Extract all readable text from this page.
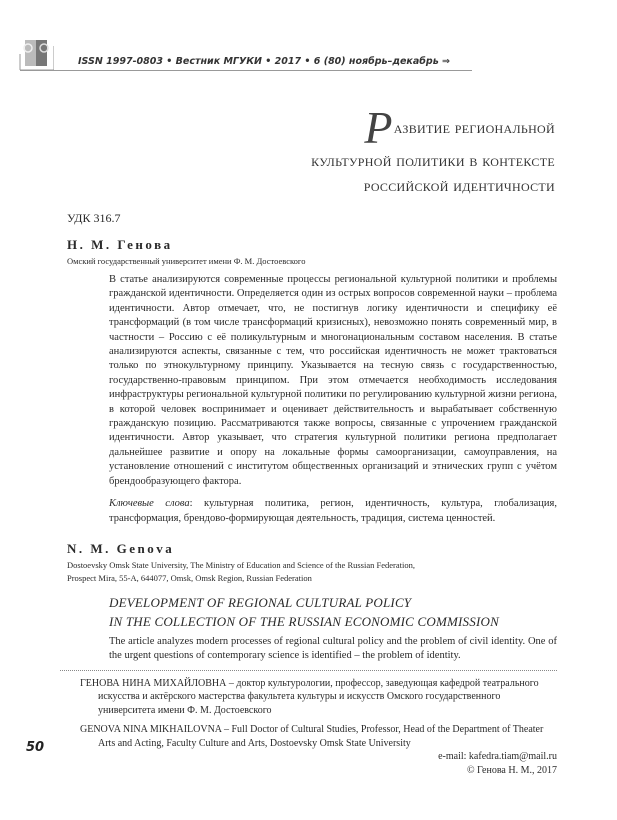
ISSN 1997-0803 • Вестник МГУКИ • 2017 • 6 (80) ноябрь–декабрь ⇒
Развитие региональной
культурной политики в контексте
российской идентичности
УДК 316.7
Н. М. Генова
Омский государственный университет имени Ф. М. Достоевского
В статье анализируются современные процессы региональной культурной политики и проблемы гражданской идентичности. Определяется один из острых вопросов современной науки – проблема идентичности. Автор отмечает, что, не постигнув логику идентичности и специфику её трансформаций (в том числе трансформаций кризисных), невозможно понять современный мир, в частности – Россию с её поликультурным и многонациональным составом населения. В статье анализируются аспекты, связанные с тем, что российская идентичность не может трактоваться только по этнокультурному принципу. Указывается на тесную связь с государственностью, государственно-правовым принципом. При этом отмечается необходимость исследования инфраструктуры региональной культурной политики по регулированию культурной жизни региона, в которой человек воспринимает и оценивает действительность и вырабатывает собственную гражданскую позицию. Рассматриваются также вопросы, связанные с упрочением гражданской идентичности. Автор указывает, что стратегия культурной политики региона предполагает дальнейшее развитие и опору на локальные формы самоорганизации, самоуправления, на установление отношений с институтом общественных организаций и этнических групп с учётом брендообразующего фактора.
Ключевые слова: культурная политика, регион, идентичность, культура, глобализация, трансформация, брендово-формирующая деятельность, традиция, система ценностей.
N. M. Genova
Dostoevsky Omsk State University, The Ministry of Education and Science of the Russian Federation,
Prospect Mira, 55-A, 644077, Omsk, Omsk Region, Russian Federation
DEVELOPMENT OF REGIONAL CULTURAL POLICY
IN THE COLLECTION OF THE RUSSIAN ECONOMIC COMMISSION
The article analyzes modern processes of regional cultural policy and the problem of civil identity. One of the urgent questions of contemporary science is identified – the problem of identity.
ГЕНОВА НИНА МИХАЙЛОВНА – доктор культурологии, профессор, заведующая кафедрой театрального искусства и актёрского мастерства факультета культуры и искусств Омского государственного университета имени Ф. М. Достоевского
GENOVA NINA MIKHAILOVNA – Full Doctor of Cultural Studies, Professor, Head of the Department of Theater Arts and Acting, Faculty Culture and Arts, Dostoevsky Omsk State University
e-mail: kafedra.tiam@mail.ru
© Генова Н. М., 2017
50
